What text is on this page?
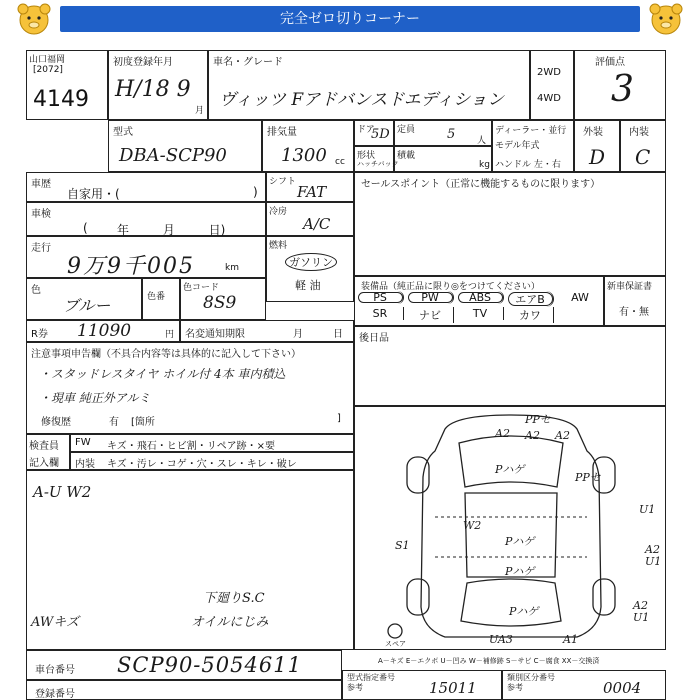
完全ゼロ切りコーナー
山口福岡
[2072]
4149
初度登録年月
H/18 9
月
車名・グレード
ヴィッツ Fアドバンスドエディション
2WD
4WD
評価点
3
型式
DBA-SCP90
排気量
1300 cc
ドア
5D 定員 5 人
形状
ハッチバック
積載
kg
ディーラー・並行
モデル年式
ハンドル 左・右
外装
D
内装
C
車歴
自家用・(	)
シフト
FAT
車検
( 年 月 日)
冷房
A/C
走行
9万9千005	km
燃料
ガソリン
軽 油
色
ブルー	色番
色コード
8S9
R券 11090	円 名変通知期限	月	日
セールスポイント（正常に機能するものに限ります）
装備品（純正品に限り◎をつけてください）
PS	PW	ABS	エアB	AW
SR	ナビ	TV	カワ
新車保証書
有・無
後日品
注意事項申告欄（不具合内容等は具体的に記入して下さい）
・スタッドレスタイヤ ホイル付 4本 車内積込
・現車 純正外アルミ
修復歴	有 [箇所	]
検査員
記入欄
FW キズ・飛石・ヒビ割・リペア跡・×要
内装 キズ・汚レ・コゲ・穴・スレ・キレ・破レ
A-U W2
下廻りS.C
オイルにじみ
AWキズ
PPセ
A2 A2 A2
Pハゲ
PPセ
U1
W2
S1	Pハゲ
A2
U1
Pハゲ
Pハゲ	A2
U1
UA3	A1
スペア
A－キズ E－エクボ U－凹み W－補修跡 S－サビ C－腐食 XX－交換済
車台番号 SCP90-5054611
登録番号
型式指定番号
参考	15011
類別区分番号
参考	0004
